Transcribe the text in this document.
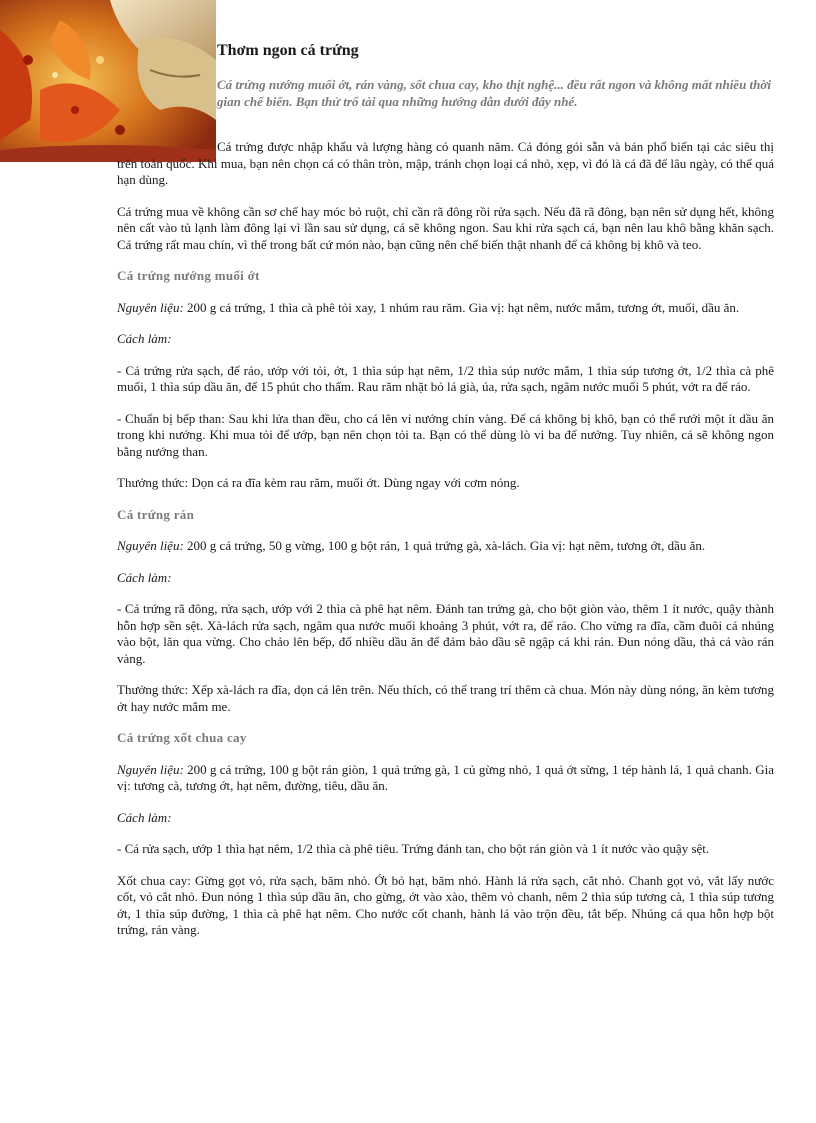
Thơm ngon cá trứng

Cá trứng nướng muối ớt, rán vàng, sốt chua cay, kho thịt nghệ... đều rất ngon và không mất nhiều thời gian chế biến. Bạn thử trổ tài qua những hướng dẫn dưới đây nhé.

Cá trứng được nhập khẩu và lượng hàng có quanh năm. Cá đóng gói sẵn và bán phổ biến tại các siêu thị trên toàn quốc. Khi mua, bạn nên chọn cá có thân tròn, mập, tránh chọn loại cá nhỏ, xẹp, vì đó là cá đã để lâu ngày, có thể quá hạn dùng.

Cá trứng mua về không cần sơ chế hay móc bỏ ruột, chỉ cần rã đông rồi rửa sạch. Nếu đã rã đông, bạn nên sử dụng hết, không nên cất vào tủ lạnh làm đông lại vì lần sau sử dụng, cá sẽ không ngon. Sau khi rửa sạch cá, bạn nên lau khô bằng khăn sạch. Cá trứng rất mau chín, vì thế trong bất cứ món nào, bạn cũng nên chế biến thật nhanh để cá không bị khô và teo.

Cá trứng nướng muối ớt

Nguyên liệu: 200 g cá trứng, 1 thìa cà phê tỏi xay, 1 nhúm rau răm. Gia vị: hạt nêm, nước mắm, tương ớt, muối, dầu ăn.

Cách làm:

- Cá trứng rửa sạch, để ráo, ướp với tỏi, ớt, 1 thìa súp hạt nêm, 1/2 thìa súp nước mắm, 1 thìa súp tương ớt, 1/2 thìa cà phê muối, 1 thìa súp dầu ăn, để 15 phút cho thấm. Rau răm nhặt bỏ lá già, úa, rửa sạch, ngâm nước muối 5 phút, vớt ra để ráo.

- Chuẩn bị bếp than: Sau khi lửa than đều, cho cá lên vỉ nướng chín vàng. Để cá không bị khô, bạn có thể rưới một ít dầu ăn trong khi nướng. Khi mua tỏi để ướp, bạn nên chọn tỏi ta. Bạn có thể dùng lò vi ba để nướng. Tuy nhiên, cá sẽ không ngon bằng nướng than.

Thưởng thức: Dọn cá ra đĩa kèm rau răm, muối ớt. Dùng ngay với cơm nóng.

Cá trứng rán

Nguyên liệu: 200 g cá trứng, 50 g vừng, 100 g bột rán, 1 quả trứng gà, xà-lách. Gia vị: hạt nêm, tương ớt, dầu ăn.

Cách làm:

- Cá trứng rã đông, rửa sạch, ướp với 2 thìa cà phê hạt nêm. Đánh tan trứng gà, cho bột giòn vào, thêm 1 ít nước, quậy thành hỗn hợp sền sệt. Xà-lách rửa sạch, ngâm qua nước muối khoảng 3 phút, vớt ra, để ráo. Cho vừng ra đĩa, cầm đuôi cá nhúng vào bột, lăn qua vừng. Cho chảo lên bếp, đổ nhiều dầu ăn để đảm bảo dầu sẽ ngập cá khi rán. Đun nóng dầu, thả cá vào rán vàng.

Thưởng thức: Xếp xà-lách ra đĩa, dọn cá lên trên. Nếu thích, có thể trang trí thêm cà chua. Món này dùng nóng, ăn kèm tương ớt hay nước mắm me.

Cá trứng xốt chua cay

Nguyên liệu: 200 g cá trứng, 100 g bột rán giòn, 1 quả trứng gà, 1 củ gừng nhỏ, 1 quả ớt sừng, 1 tép hành lá, 1 quả chanh. Gia vị: tương cà, tương ớt, hạt nêm, đường, tiêu, dầu ăn.

Cách làm:

- Cá rửa sạch, ướp 1 thìa hạt nêm, 1/2 thìa cà phê tiêu. Trứng đánh tan, cho bột rán giòn và 1 ít nước vào quậy sệt.

Xốt chua cay: Gừng gọt vỏ, rửa sạch, băm nhỏ. Ớt bỏ hạt, băm nhỏ. Hành lá rửa sạch, cắt nhỏ. Chanh gọt vỏ, vắt lấy nước cốt, vỏ cắt nhỏ. Đun nóng 1 thìa súp dầu ăn, cho gừng, ớt vào xào, thêm vỏ chanh, nêm 2 thìa súp tương cà, 1 thìa súp tương ớt, 1 thìa súp đường, 1 thìa cà phê hạt nêm. Cho nước cốt chanh, hành lá vào trộn đều, tắt bếp. Nhúng cá qua hỗn hợp bột trứng, rán vàng.
